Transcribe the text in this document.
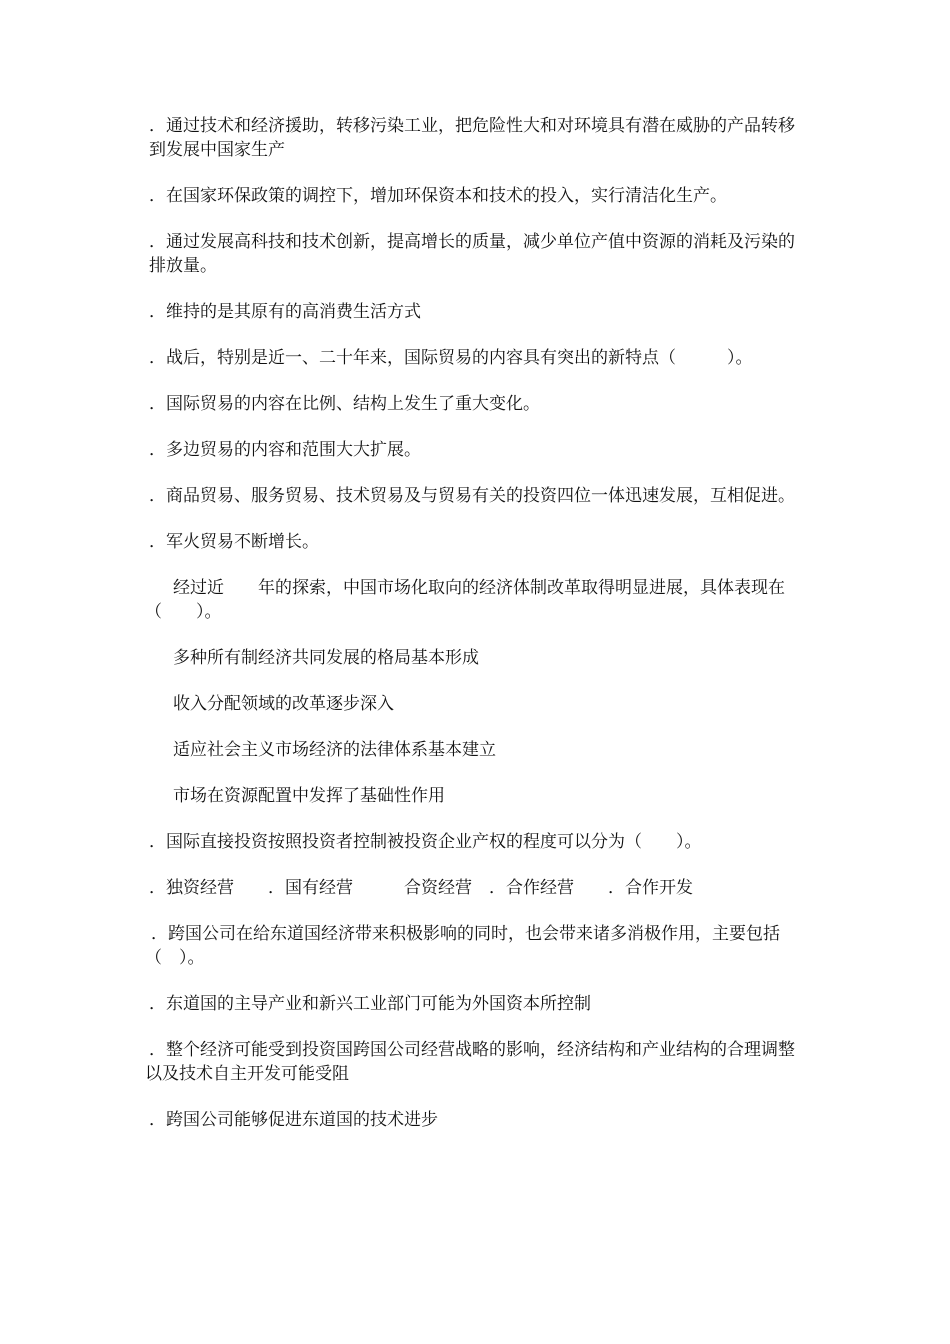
．通过技术和经济援助，转移污染工业，把危险性大和对环境具有潜在威胁的产品转移到发展中国家生产

．在国家环保政策的调控下，增加环保资本和技术的投入，实行清洁化生产。

．通过发展高科技和技术创新，提高增长的质量，减少单位产值中资源的消耗及污染的排放量。

．维持的是其原有的高消费生活方式

．战后，特别是近一、二十年来，国际贸易的内容具有突出的新特点（　　　）。

．国际贸易的内容在比例、结构上发生了重大变化。

．多边贸易的内容和范围大大扩展。

．商品贸易、服务贸易、技术贸易及与贸易有关的投资四位一体迅速发展，互相促进。

．军火贸易不断增长。

经过近　　年的探索，中国市场化取向的经济体制改革取得明显进展，具体表现在（　　）。

多种所有制经济共同发展的格局基本形成

收入分配领域的改革逐步深入

适应社会主义市场经济的法律体系基本建立

市场在资源配置中发挥了基础性作用

．国际直接投资按照投资者控制被投资企业产权的程度可以分为（　　）。

．独资经营　　．国有经营　　　合资经营　．合作经营　　．合作开发

．跨国公司在给东道国经济带来积极影响的同时，也会带来诸多消极作用，主要包括（　）。

．东道国的主导产业和新兴工业部门可能为外国资本所控制

．整个经济可能受到投资国跨国公司经营战略的影响，经济结构和产业结构的合理调整以及技术自主开发可能受阻

．跨国公司能够促进东道国的技术进步
